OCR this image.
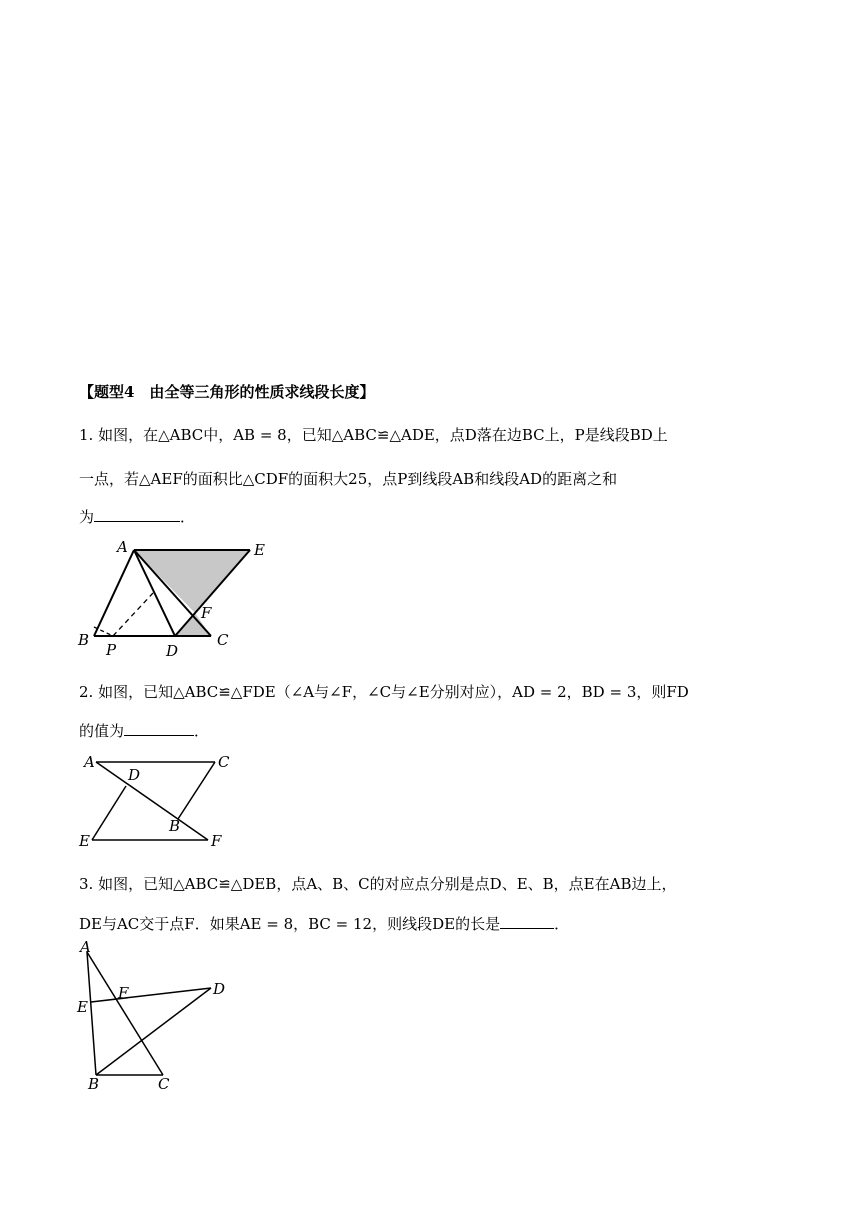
【题型4　由全等三角形的性质求线段长度】
1. 如图，在△ABC中，AB = 8，已知△ABC≌△ADE，点D落在边BC上，P是线段BD上
一点，若△AEF的面积比△CDF的面积大25，点P到线段AB和线段AD的距离之和
为	．
A	E
F
B
P	D
C
2. 如图，已知△ABC≌△FDE（∠A与∠F，∠C与∠E分别对应），AD = 2，BD = 3，则FD
的值为	．
A	C
D
B
E	F
3. 如图，已知△ABC≌△DEB，点A、B、C的对应点分别是点D、E、B，点E在AB边上，
DE与AC交于点F．如果AE = 8，BC = 12，则线段DE的长是	．
A
F	D
E
B	C
